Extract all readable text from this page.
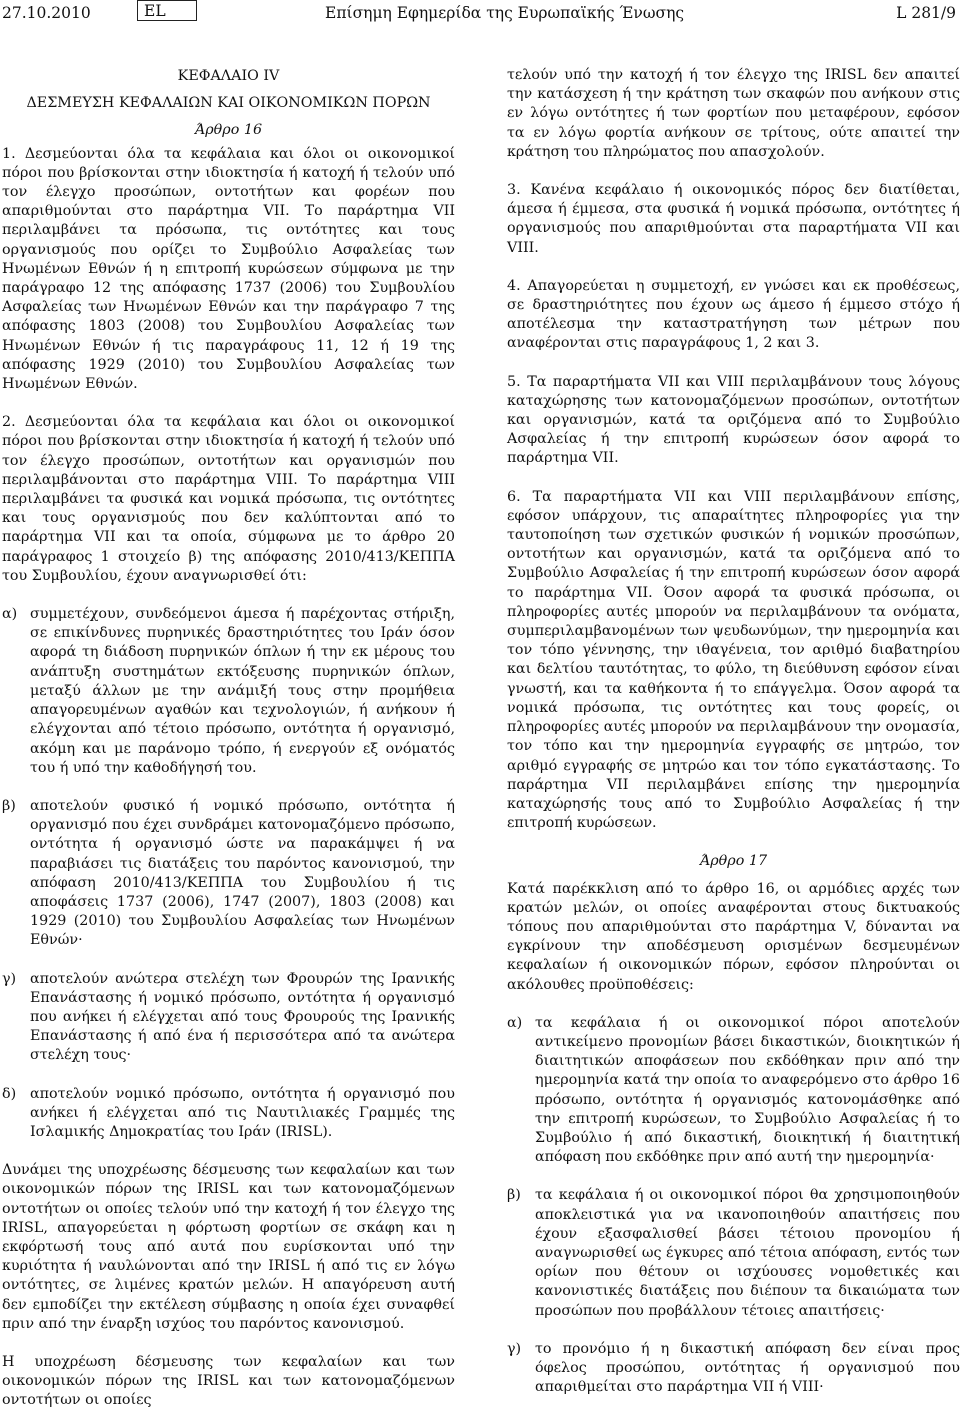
27.10.2010	EL	Επίσημη Εφημερίδα της Ευρωπαϊκής Ένωσης	L 281/9

ΚΕΦΑΛΑΙΟ IV

ΔΕΣΜΕΥΣΗ ΚΕΦΑΛΑΙΩΝ ΚΑΙ ΟΙΚΟΝΟΜΙΚΩΝ ΠΟΡΩΝ

Άρθρο 16

1. Δεσμεύονται όλα τα κεφάλαια και όλοι οι οικονομικοί πόροι που βρίσκονται στην ιδιοκτησία ή κατοχή ή τελούν υπό τον έλεγχο προσώπων, οντοτήτων και φορέων που απαριθμούνται στο παράρτημα VII. Το παράρτημα VII περιλαμβάνει τα πρόσωπα, τις οντότητες και τους οργανισμούς που ορίζει το Συμβούλιο Ασφαλείας των Ηνωμένων Εθνών ή η επιτροπή κυρώσεων σύμφωνα με την παράγραφο 12 της απόφασης 1737 (2006) του Συμβουλίου Ασφαλείας των Ηνωμένων Εθνών και την παράγραφο 7 της απόφασης 1803 (2008) του Συμβουλίου Ασφαλείας των Ηνωμένων Εθνών ή τις παραγράφους 11, 12 ή 19 της απόφασης 1929 (2010) του Συμβουλίου Ασφαλείας των Ηνωμένων Εθνών.

2. Δεσμεύονται όλα τα κεφάλαια και όλοι οι οικονομικοί πόροι που βρίσκονται στην ιδιοκτησία ή κατοχή ή τελούν υπό τον έλεγχο προσώπων, οντοτήτων και οργανισμών που περιλαμβάνονται στο παράρτημα VIII. Το παράρτημα VIII περιλαμβάνει τα φυσικά και νομικά πρόσωπα, τις οντότητες και τους οργανισμούς που δεν καλύπτονται από το παράρτημα VII και τα οποία, σύμφωνα με το άρθρο 20 παράγραφος 1 στοιχείο β) της απόφασης 2010/413/ΚΕΠΠΑ του Συμβουλίου, έχουν αναγνωρισθεί ότι:

α) συμμετέχουν, συνδεόμενοι άμεσα ή παρέχοντας στήριξη, σε επικίνδυνες πυρηνικές δραστηριότητες του Ιράν όσον αφορά τη διάδοση πυρηνικών όπλων ή την εκ μέρους του ανάπτυξη συστημάτων εκτόξευσης πυρηνικών όπλων, μεταξύ άλλων με την ανάμιξή τους στην προμήθεια απαγορευμένων αγαθών και τεχνολογιών, ή ανήκουν ή ελέγχονται από τέτοιο πρόσωπο, οντότητα ή οργανισμό, ακόμη και με παράνομο τρόπο, ή ενεργούν εξ ονόματός του ή υπό την καθοδήγησή του.
β) αποτελούν φυσικό ή νομικό πρόσωπο, οντότητα ή οργανισμό που έχει συνδράμει κατονομαζόμενο πρόσωπο, οντότητα ή οργανισμό ώστε να παρακάμψει ή να παραβιάσει τις διατάξεις του παρόντος κανονισμού, την απόφαση 2010/413/ΚΕΠΠΑ του Συμβουλίου ή τις αποφάσεις 1737 (2006), 1747 (2007), 1803 (2008) και 1929 (2010) του Συμβουλίου Ασφαλείας των Ηνωμένων Εθνών·
γ) αποτελούν ανώτερα στελέχη των Φρουρών της Ιρανικής Επανάστασης ή νομικό πρόσωπο, οντότητα ή οργανισμό που ανήκει ή ελέγχεται από τους Φρουρούς της Ιρανικής Επανάστασης ή από ένα ή περισσότερα από τα ανώτερα στελέχη τους·
δ) αποτελούν νομικό πρόσωπο, οντότητα ή οργανισμό που ανήκει ή ελέγχεται από τις Ναυτιλιακές Γραμμές της Ισλαμικής Δημοκρατίας του Ιράν (IRISL).

Δυνάμει της υποχρέωσης δέσμευσης των κεφαλαίων και των οικονομικών πόρων της IRISL και των κατονομαζόμενων οντοτήτων οι οποίες τελούν υπό την κατοχή ή τον έλεγχο της IRISL, απαγορεύεται η φόρτωση φορτίων σε σκάφη και η εκφόρτωσή τους από αυτά που ευρίσκονται υπό την κυριότητα ή ναυλώνονται από την IRISL ή από τις εν λόγω οντότητες, σε λιμένες κρατών μελών. Η απαγόρευση αυτή δεν εμποδίζει την εκτέλεση σύμβασης η οποία έχει συναφθεί πριν από την έναρξη ισχύος του παρόντος κανονισμού.

Η υποχρέωση δέσμευσης των κεφαλαίων και των οικονομικών πόρων της IRISL και των κατονομαζόμενων οντοτήτων οι οποίες

τελούν υπό την κατοχή ή τον έλεγχο της IRISL δεν απαιτεί την κατάσχεση ή την κράτηση των σκαφών που ανήκουν στις εν λόγω οντότητες ή των φορτίων που μεταφέρουν, εφόσον τα εν λόγω φορτία ανήκουν σε τρίτους, ούτε απαιτεί την κράτηση του πληρώματος που απασχολούν.

3. Κανένα κεφάλαιο ή οικονομικός πόρος δεν διατίθεται, άμεσα ή έμμεσα, στα φυσικά ή νομικά πρόσωπα, οντότητες ή οργανισμούς που απαριθμούνται στα παραρτήματα VII και VIII.

4. Απαγορεύεται η συμμετοχή, εν γνώσει και εκ προθέσεως, σε δραστηριότητες που έχουν ως άμεσο ή έμμεσο στόχο ή αποτέλεσμα την καταστρατήγηση των μέτρων που αναφέρονται στις παραγράφους 1, 2 και 3.

5. Τα παραρτήματα VII και VIII περιλαμβάνουν τους λόγους καταχώρησης των κατονομαζόμενων προσώπων, οντοτήτων και οργανισμών, κατά τα οριζόμενα από το Συμβούλιο Ασφαλείας ή την επιτροπή κυρώσεων όσον αφορά το παράρτημα VII.

6. Τα παραρτήματα VII και VIII περιλαμβάνουν επίσης, εφόσον υπάρχουν, τις απαραίτητες πληροφορίες για την ταυτοποίηση των σχετικών φυσικών ή νομικών προσώπων, οντοτήτων και οργανισμών, κατά τα οριζόμενα από το Συμβούλιο Ασφαλείας ή την επιτροπή κυρώσεων όσον αφορά το παράρτημα VII. Όσον αφορά τα φυσικά πρόσωπα, οι πληροφορίες αυτές μπορούν να περιλαμβάνουν τα ονόματα, συμπεριλαμβανομένων των ψευδωνύμων, την ημερομηνία και τον τόπο γέννησης, την ιθαγένεια, τον αριθμό διαβατηρίου και δελτίου ταυτότητας, το φύλο, τη διεύθυνση εφόσον είναι γνωστή, και τα καθήκοντα ή το επάγγελμα. Όσον αφορά τα νομικά πρόσωπα, τις οντότητες και τους φορείς, οι πληροφορίες αυτές μπορούν να περιλαμβάνουν την ονομασία, τον τόπο και την ημερομηνία εγγραφής σε μητρώο, τον αριθμό εγγραφής σε μητρώο και τον τόπο εγκατάστασης. Το παράρτημα VII περιλαμβάνει επίσης την ημερομηνία καταχώρησής τους από το Συμβούλιο Ασφαλείας ή την επιτροπή κυρώσεων.

Άρθρο 17

Κατά παρέκκλιση από το άρθρο 16, οι αρμόδιες αρχές των κρατών μελών, οι οποίες αναφέρονται στους δικτυακούς τόπους που απαριθμούνται στο παράρτημα V, δύνανται να εγκρίνουν την αποδέσμευση ορισμένων δεσμευμένων κεφαλαίων ή οικονομικών πόρων, εφόσον πληρούνται οι ακόλουθες προϋποθέσεις:

α) τα κεφάλαια ή οι οικονομικοί πόροι αποτελούν αντικείμενο προνομίων βάσει δικαστικών, διοικητικών ή διαιτητικών αποφάσεων που εκδόθηκαν πριν από την ημερομηνία κατά την οποία το αναφερόμενο στο άρθρο 16 πρόσωπο, οντότητα ή οργανισμός κατονομάσθηκε από την επιτροπή κυρώσεων, το Συμβούλιο Ασφαλείας ή το Συμβούλιο ή από δικαστική, διοικητική ή διαιτητική απόφαση που εκδόθηκε πριν από αυτή την ημερομηνία·
β) τα κεφάλαια ή οι οικονομικοί πόροι θα χρησιμοποιηθούν αποκλειστικά για να ικανοποιηθούν απαιτήσεις που έχουν εξασφαλισθεί βάσει τέτοιου προνομίου ή αναγνωρισθεί ως έγκυρες από τέτοια απόφαση, εντός των ορίων που θέτουν οι ισχύουσες νομοθετικές και κανονιστικές διατάξεις που διέπουν τα δικαιώματα των προσώπων που προβάλλουν τέτοιες απαιτήσεις·
γ) το προνόμιο ή η δικαστική απόφαση δεν είναι προς όφελος προσώπου, οντότητας ή οργανισμού που απαριθμείται στο παράρτημα VII ή VIII·
